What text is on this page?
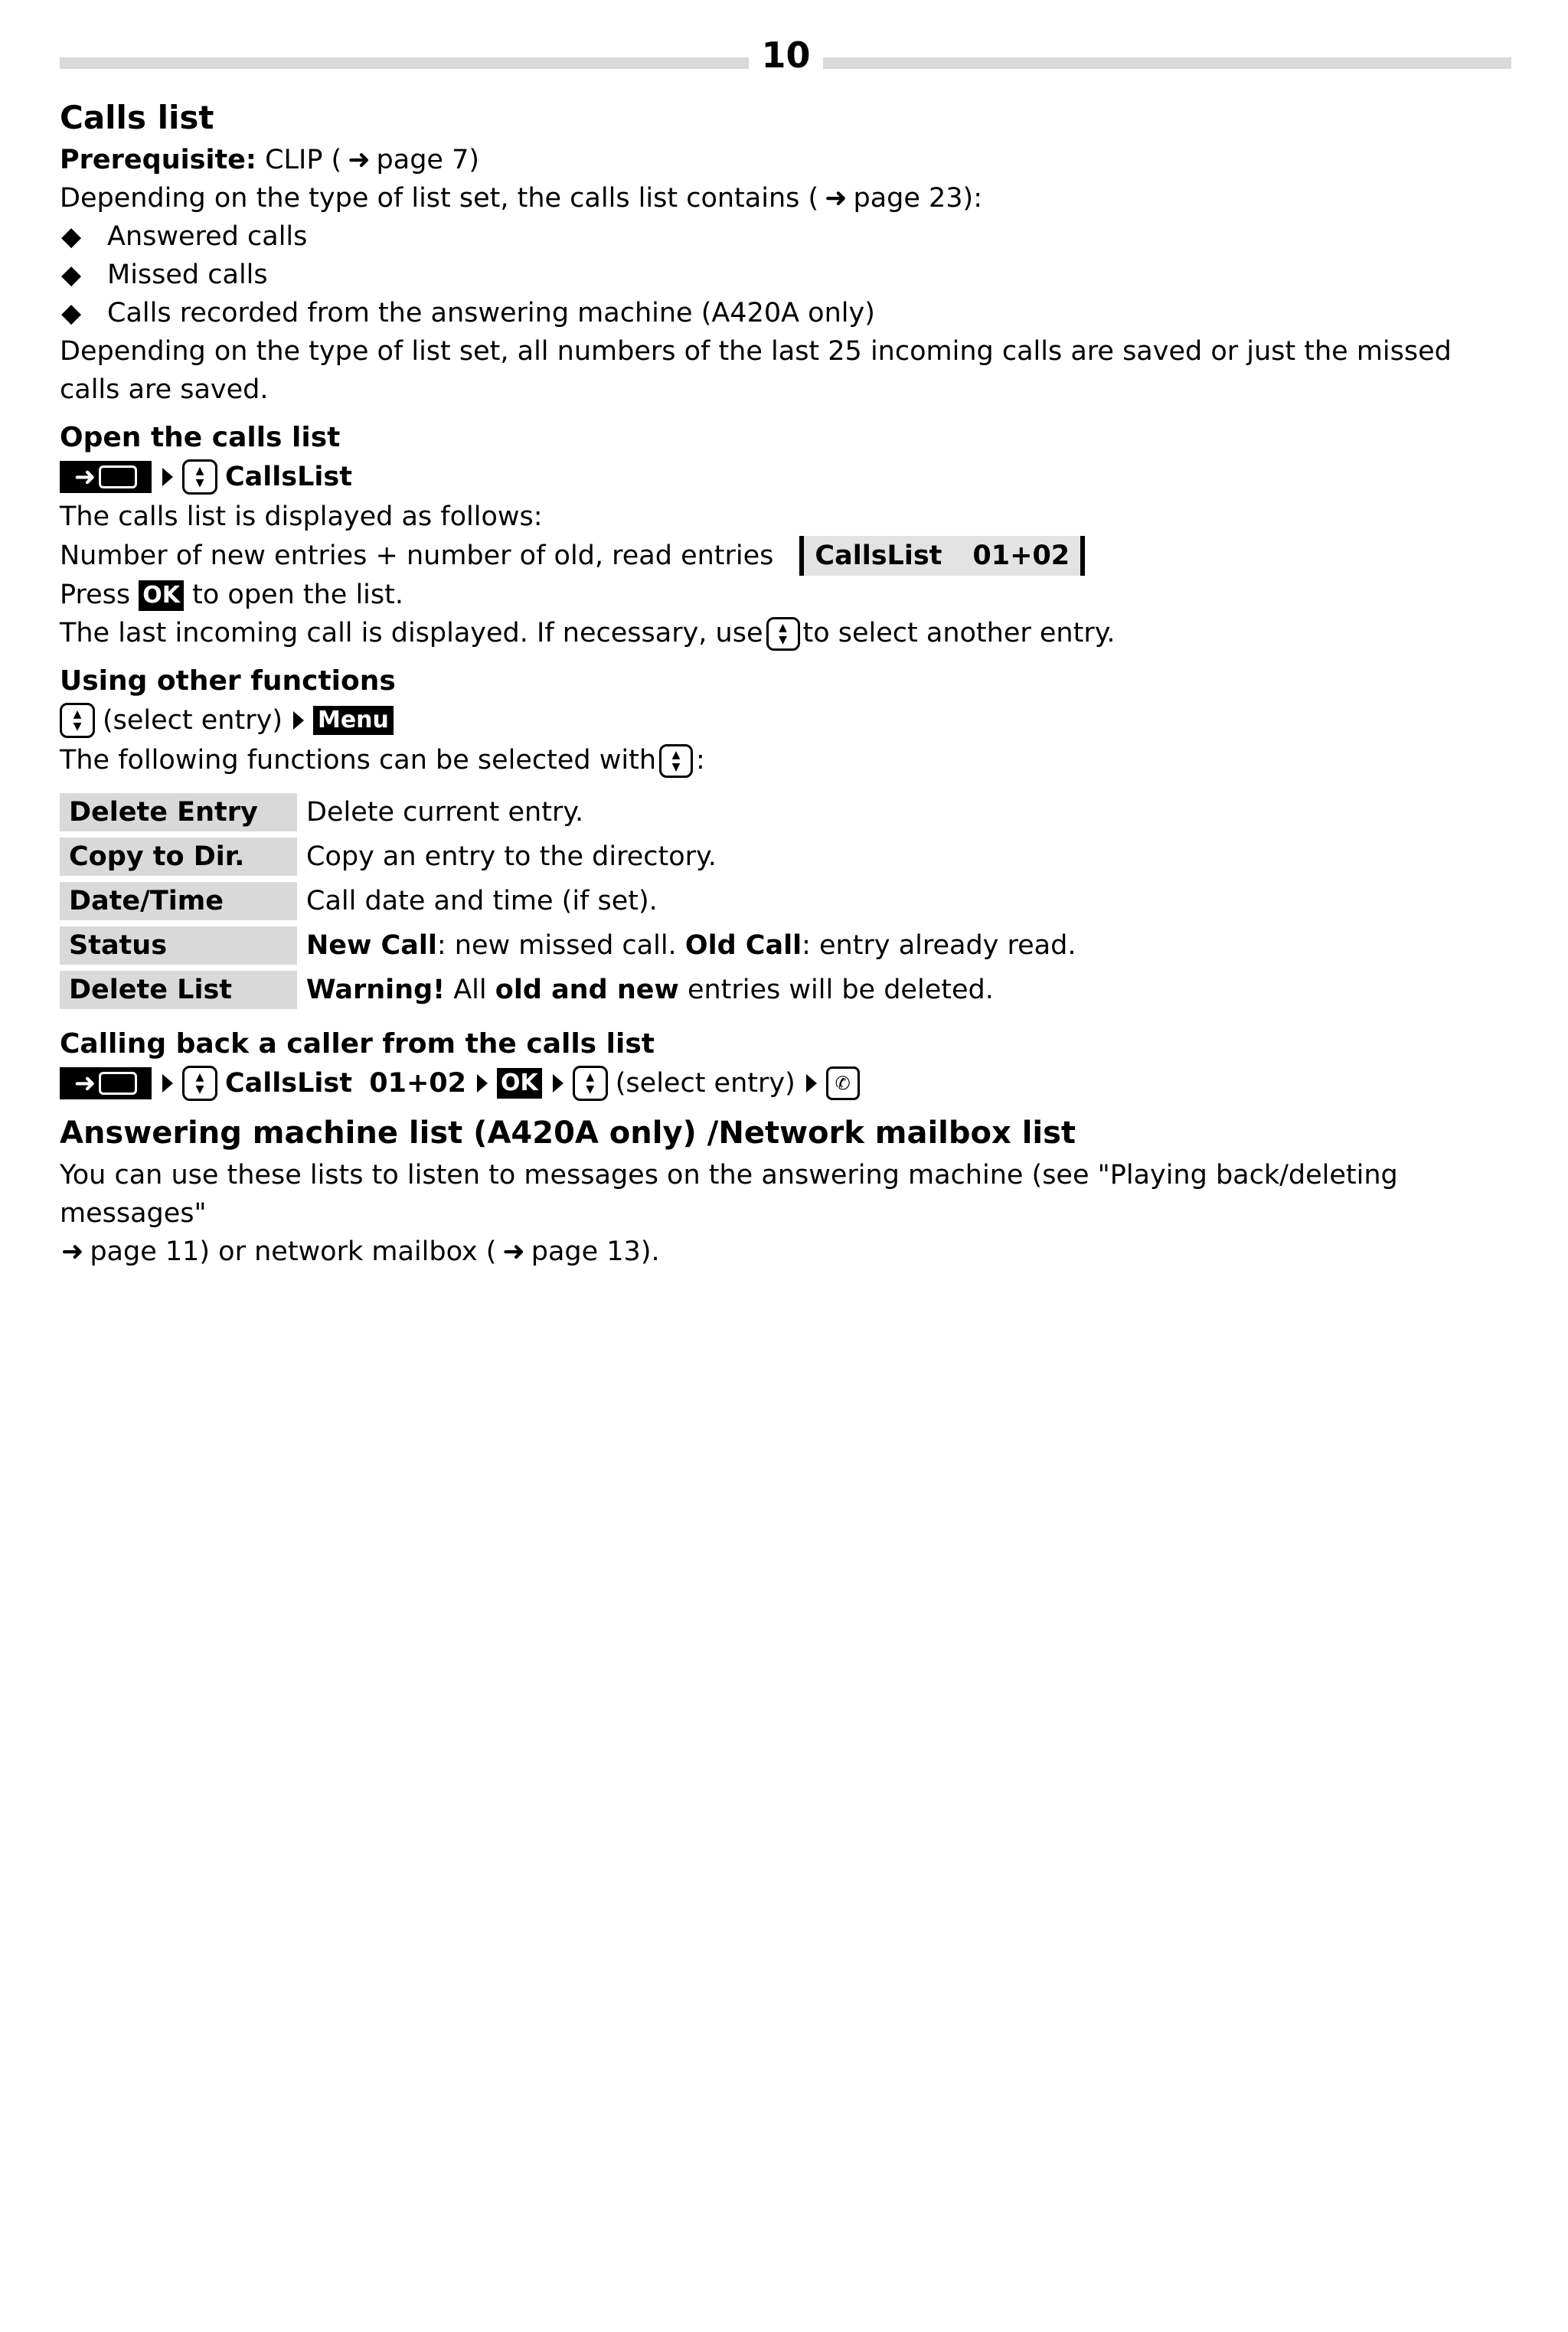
10
Calls list

Prerequisite: CLIP ( ➜ page 7)

Depending on the type of list set, the calls list contains ( ➜ page 23):

◆ Answered calls

◆ Missed calls

◆ Calls recorded from the answering machine (A420A only)

Depending on the type of list set, all numbers of the last 25 incoming calls are saved or just the missed calls are saved.

Open the calls list
➜	▲
▼ CallsList

The calls list is displayed as follows:

Number of new entries + number of old, read entries	CallsList 01+02

Press OK to open the list.

The last incoming call is displayed. If necessary, use ▲
▼ to select another entry.

Using other functions
▲
▼ (select entry) Menu

The following functions can be selected with ▲
▼ :

Delete Entry	Delete current entry.
Copy to Dir.	Copy an entry to the directory.
Date/Time	Call date and time (if set).
Status	New Call: new missed call. Old Call: entry already read.
Delete List	Warning! All old and new entries will be deleted.
Calling back a caller from the calls list
➜	▲
▼ CallsList
01+02 OK	▲
▼ (select entry)	✆
Answering machine list (A420A only) /Network mailbox list

You can use these lists to listen to messages on the answering machine (see "Playing back/deleting messages"

➜ page 11) or network mailbox ( ➜ page 13).
